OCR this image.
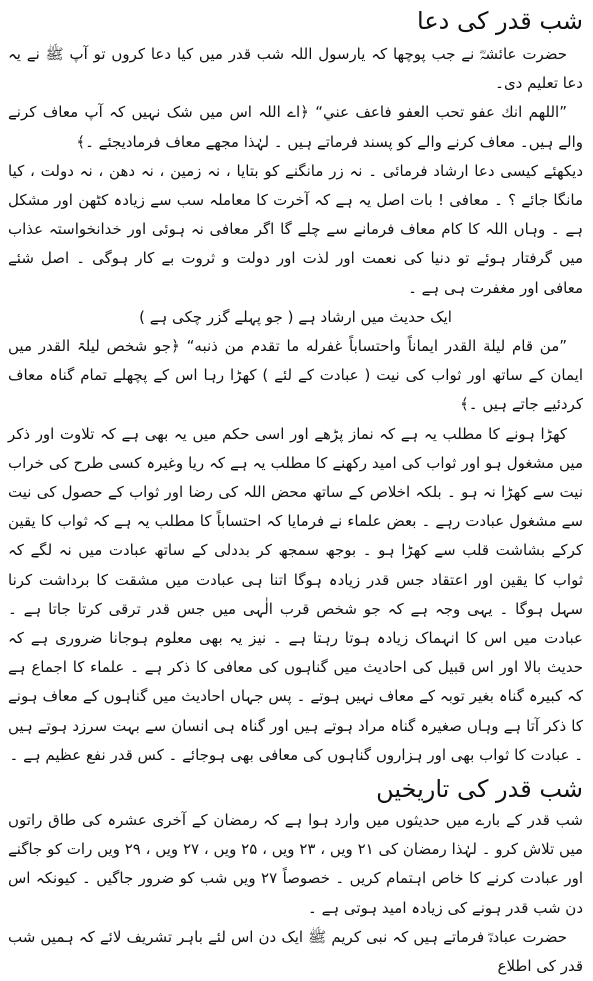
شب قدر کی دعا

حضرت عائشہؓ نے جب پوچھا کہ یارسول اللہ شب قدر میں کیا دعا کروں تو آپ ﷺ نے یہ دعا تعلیم دی۔

”اللهم انك عفو تحب العفو فاعف عني“ ﴿اے اللہ اس میں شک نہیں کہ آپ معاف کرنے والے ہیں۔ معاف کرنے والے کو پسند فرماتے ہیں ۔ لہٰذا مجھے معاف فرمادیجئے ۔﴾

دیکھئے کیسی دعا ارشاد فرمائی ۔ نہ زر مانگنے کو بتایا ، نہ زمین ، نہ دھن ، نہ دولت ، کیا مانگا جائے ؟ ۔ معافی ! بات اصل یہ ہے کہ آخرت کا معاملہ سب سے زیادہ کٹھن اور مشکل ہے ۔ وہاں اللہ کا کام معاف فرمانے سے چلے گا اگر معافی نہ ہوئی اور خدانخواستہ عذاب میں گرفتار ہوئے تو دنیا کی نعمت اور لذت اور دولت و ثروت بے کار ہوگی ۔ اصل شئے معافی اور مغفرت ہی ہے ۔

ایک حدیث میں ارشاد ہے ( جو پہلے گزر چکی ہے )

”من قام ليلة القدر ايماناً واحتساباً غفرله ما تقدم من ذنبه“ ﴿جو شخص لیلۃ القدر میں ایمان کے ساتھ اور ثواب کی نیت ( عبادت کے لئے ) کھڑا رہا اس کے پچھلے تمام گناہ معاف کردئیے جاتے ہیں ۔﴾

کھڑا ہونے کا مطلب یہ ہے کہ نماز پڑھے اور اسی حکم میں یہ بھی ہے کہ تلاوت اور ذکر میں مشغول ہو اور ثواب کی امید رکھنے کا مطلب یہ ہے کہ ریا وغیرہ کسی طرح کی خراب نیت سے کھڑا نہ ہو ۔ بلکہ اخلاص کے ساتھ محض اللہ کی رضا اور ثواب کے حصول کی نیت سے مشغول عبادت رہے ۔ بعض علماء نے فرمایا کہ احتساباً کا مطلب یہ ہے کہ ثواب کا یقین کرکے بشاشت قلب سے کھڑا ہو ۔ بوجھ سمجھ کر بددلی کے ساتھ عبادت میں نہ لگے کہ ثواب کا یقین اور اعتقاد جس قدر زیادہ ہوگا اتنا ہی عبادت میں مشقت کا برداشت کرنا سہل ہوگا ۔ یہی وجہ ہے کہ جو شخص قرب الٰہی میں جس قدر ترقی کرتا جاتا ہے ۔ عبادت میں اس کا انہماک زیادہ ہوتا رہتا ہے ۔ نیز یہ بھی معلوم ہوجانا ضروری ہے کہ حدیث بالا اور اس قبیل کی احادیث میں گناہوں کی معافی کا ذکر ہے ۔ علماء کا اجماع ہے کہ کبیرہ گناہ بغیر توبہ کے معاف نہیں ہوتے ۔ پس جہاں احادیث میں گناہوں کے معاف ہونے کا ذکر آتا ہے وہاں صغیرہ گناہ مراد ہوتے ہیں اور گناہ ہی انسان سے بہت سرزد ہوتے ہیں ۔ عبادت کا ثواب بھی اور ہزاروں گناہوں کی معافی بھی ہوجائے ۔ کس قدر نفع عظیم ہے ۔

شب قدر کی تاریخیں

شب قدر کے بارے میں حدیثوں میں وارد ہوا ہے کہ رمضان کے آخری عشرہ کی طاق راتوں میں تلاش کرو ۔ لہٰذا رمضان کی ۲۱ ویں ، ۲۳ ویں ، ۲۵ ویں ، ۲۷ ویں ، ۲۹ ویں رات کو جاگنے اور عبادت کرنے کا خاص اہتمام کریں ۔ خصوصاً ۲۷ ویں شب کو ضرور جاگیں ۔ کیونکہ اس دن شب قدر ہونے کی زیادہ امید ہوتی ہے ۔

حضرت عبادہؓ فرماتے ہیں کہ نبی کریم ﷺ ایک دن اس لئے باہر تشریف لائے کہ ہمیں شب قدر کی اطلاع
